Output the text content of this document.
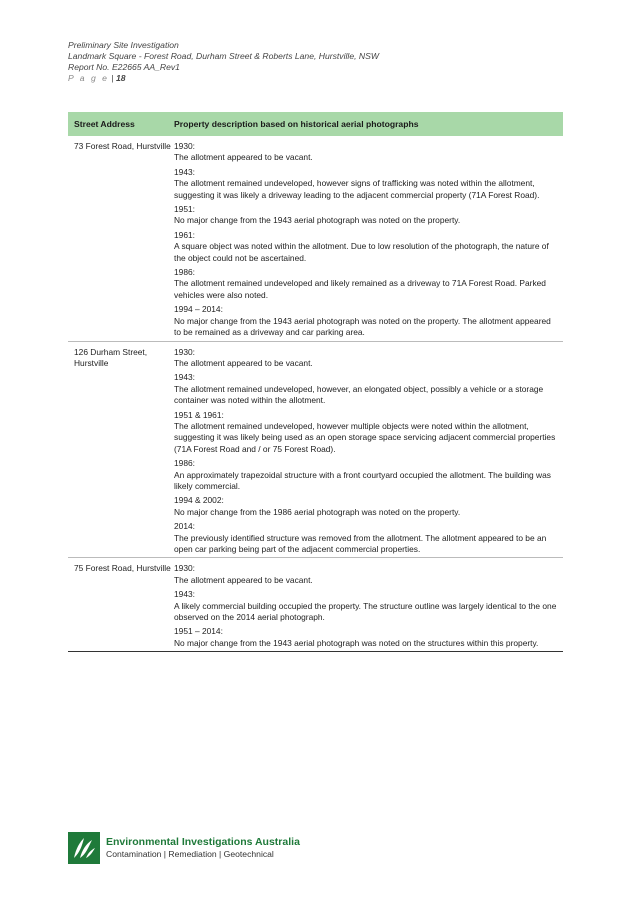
Preliminary Site Investigation
Landmark Square - Forest Road, Durham Street & Roberts Lane, Hurstville, NSW
Report No. E22665 AA_Rev1
P a g e | 18
Street Address	Property description based on historical aerial photographs
73 Forest Road, Hurstville 1930:
The allotment appeared to be vacant.
1943:
The allotment remained undeveloped, however signs of trafficking was noted within the allotment, suggesting it was likely a driveway leading to the adjacent commercial property (71A Forest Road).
1951:
No major change from the 1943 aerial photograph was noted on the property.
1961:
A square object was noted within the allotment. Due to low resolution of the photograph, the nature of the object could not be ascertained.
1986:
The allotment remained undeveloped and likely remained as a driveway to 71A Forest Road. Parked vehicles were also noted.
1994 – 2014:
No major change from the 1943 aerial photograph was noted on the property. The allotment appeared to be remained as a driveway and car parking area.
126 Durham Street, Hurstville
1930:
The allotment appeared to be vacant.
1943:
The allotment remained undeveloped, however, an elongated object, possibly a vehicle or a storage container was noted within the allotment.
1951 & 1961:
The allotment remained undeveloped, however multiple objects were noted within the allotment, suggesting it was likely being used as an open storage space servicing adjacent commercial properties (71A Forest Road and / or 75 Forest Road).
1986:
An approximately trapezoidal structure with a front courtyard occupied the allotment. The building was likely commercial.
1994 & 2002:
No major change from the 1986 aerial photograph was noted on the property.
2014:
The previously identified structure was removed from the allotment. The allotment appeared to be an open car parking being part of the adjacent commercial properties.
75 Forest Road, Hurstville 1930:
The allotment appeared to be vacant.
1943:
A likely commercial building occupied the property. The structure outline was largely identical to the one observed on the 2014 aerial photograph.
1951 – 2014:
No major change from the 1943 aerial photograph was noted on the structures within this property.
Environmental Investigations Australia
Contamination | Remediation | Geotechnical
